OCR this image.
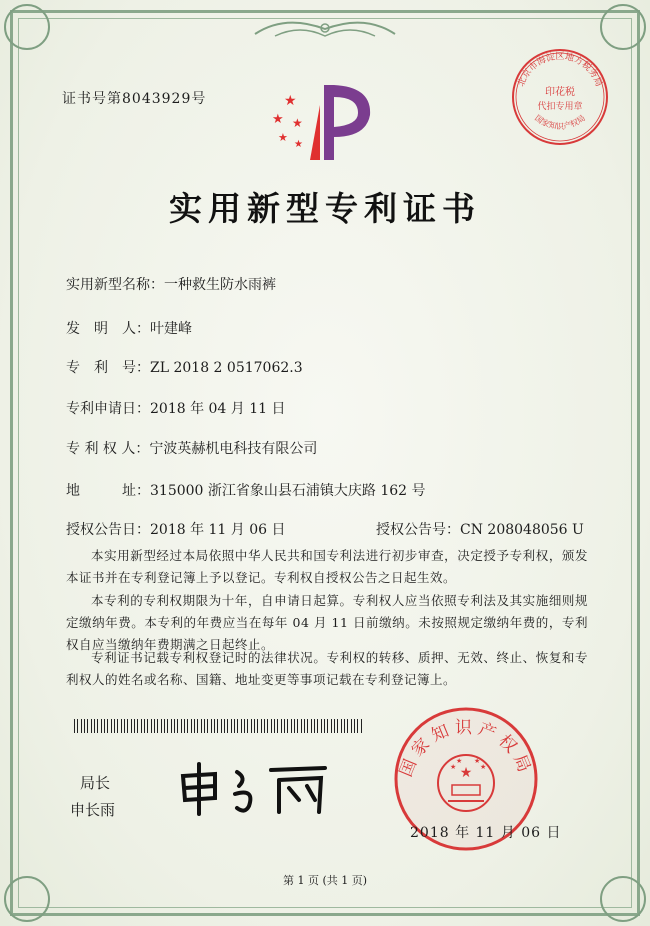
证书号第8043929号	★
★ ★
★
★
实用新型专利证书
北京市海淀区地方税务局
印花税
代扣专用章
国家知识产权局
实用新型名称：一种救生防水雨裤
发　明　人：叶建峰
专　利　号：ZL 2018 2 0517062.3
专利申请日：2018 年 04 月 11 日
专 利 权 人：宁波英赫机电科技有限公司
地　　　址：315000 浙江省象山县石浦镇大庆路 162 号
授权公告日：2018 年 11 月 06 日	授权公告号：CN 208048056 U
本实用新型经过本局依照中华人民共和国专利法进行初步审查，决定授予专利权，颁发本证书并在专利登记簿上予以登记。专利权自授权公告之日起生效。
本专利的专利权期限为十年，自申请日起算。专利权人应当依照专利法及其实施细则规定缴纳年费。本专利的年费应当在每年 04 月 11 日前缴纳。未按照规定缴纳年费的，专利权自应当缴纳年费期满之日起终止。
专利证书记载专利权登记时的法律状况。专利权的转移、质押、无效、终止、恢复和专利权人的姓名或名称、国籍、地址变更等事项记载在专利登记簿上。
局长
申长雨
国家知识产权局
★
★
★ ★
★
2018 年 11 月 06 日
第 1 页 (共 1 页)
